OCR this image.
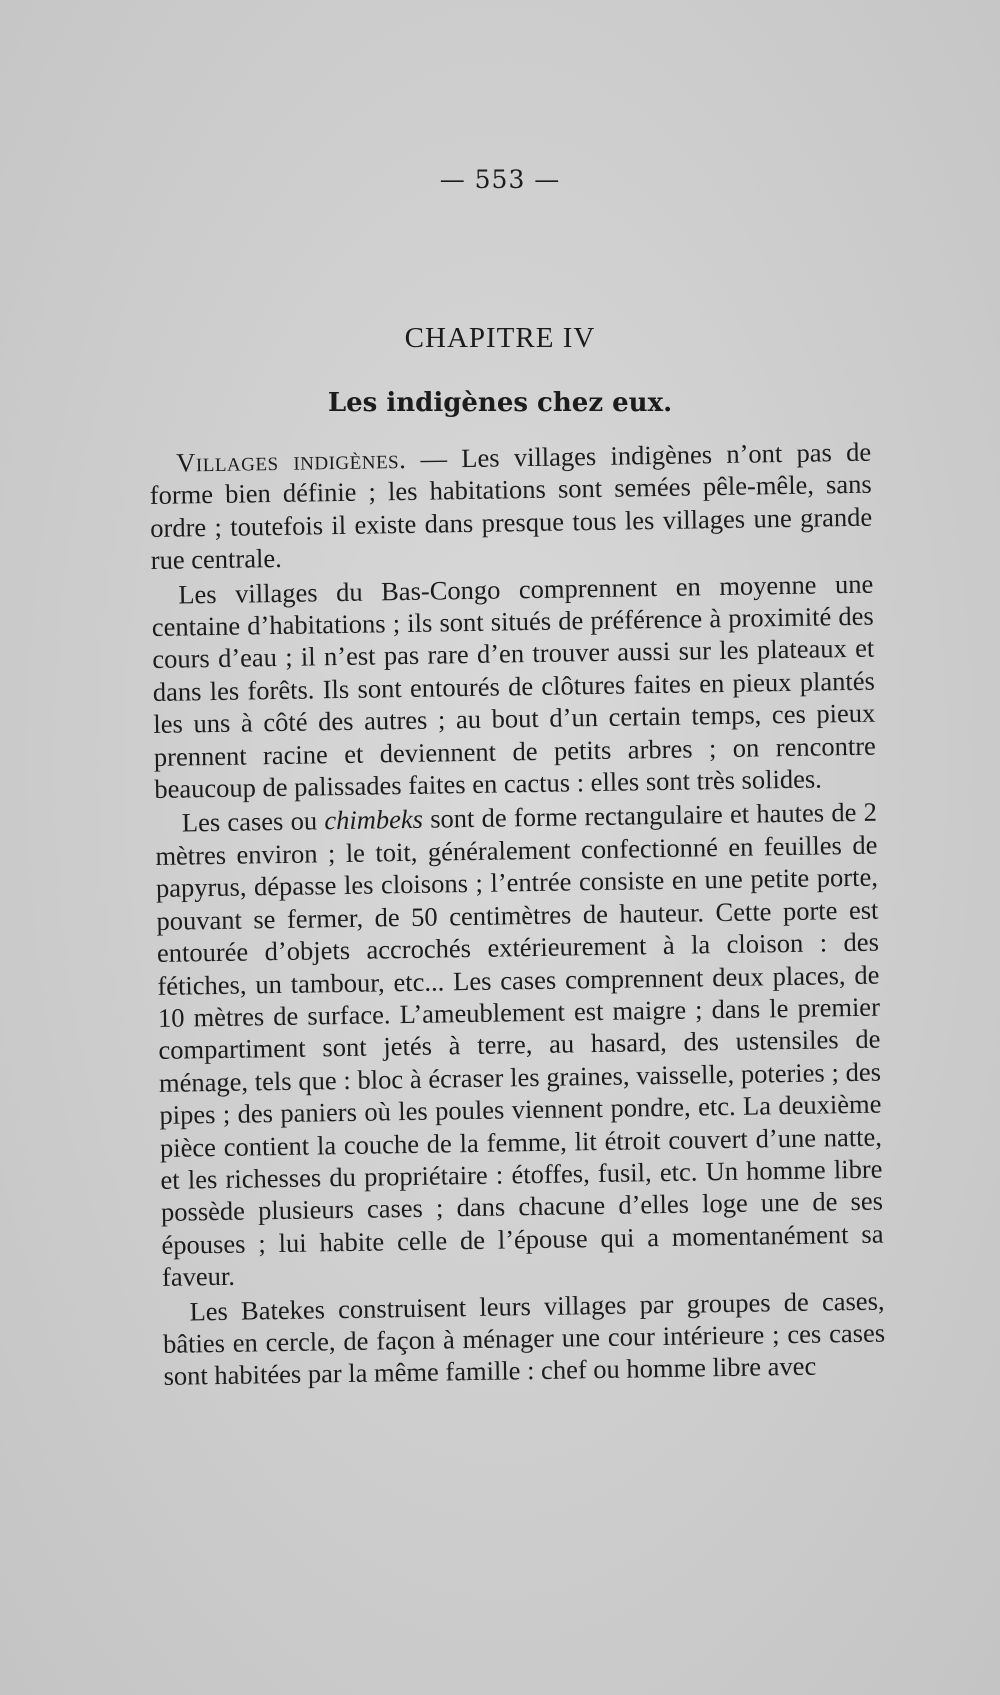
— 553 —
CHAPITRE IV
Les indigènes chez eux.

Villages indigènes. — Les villages indigènes n’ont pas de forme bien définie ; les habitations sont semées pêle-mêle, sans ordre ; toutefois il existe dans presque tous les villages une grande rue centrale.

Les villages du Bas-Congo comprennent en moyenne une centaine d’habitations ; ils sont situés de préférence à proximité des cours d’eau ; il n’est pas rare d’en trouver aussi sur les plateaux et dans les forêts. Ils sont entourés de clôtures faites en pieux plantés les uns à côté des autres ; au bout d’un certain temps, ces pieux prennent racine et deviennent de petits arbres ; on rencontre beaucoup de palissades faites en cactus : elles sont très solides.

Les cases ou chimbeks sont de forme rectangulaire et hautes de 2 mètres environ ; le toit, généralement confectionné en feuilles de papyrus, dépasse les cloisons ; l’entrée consiste en une petite porte, pouvant se fermer, de 50 centimètres de hauteur. Cette porte est entourée d’objets accrochés extérieurement à la cloison : des fétiches, un tambour, etc... Les cases comprennent deux places, de 10 mètres de surface. L’ameublement est maigre ; dans le premier compartiment sont jetés à terre, au hasard, des ustensiles de ménage, tels que : bloc à écraser les graines, vaisselle, poteries ; des pipes ; des paniers où les poules viennent pondre, etc. La deuxième pièce contient la couche de la femme, lit étroit couvert d’une natte, et les richesses du propriétaire : étoffes, fusil, etc. Un homme libre possède plusieurs cases ; dans chacune d’elles loge une de ses épouses ; lui habite celle de l’épouse qui a momentanément sa faveur.

Les Batekes construisent leurs villages par groupes de cases, bâties en cercle, de façon à ménager une cour intérieure ; ces cases sont habitées par la même famille : chef ou homme libre avec
